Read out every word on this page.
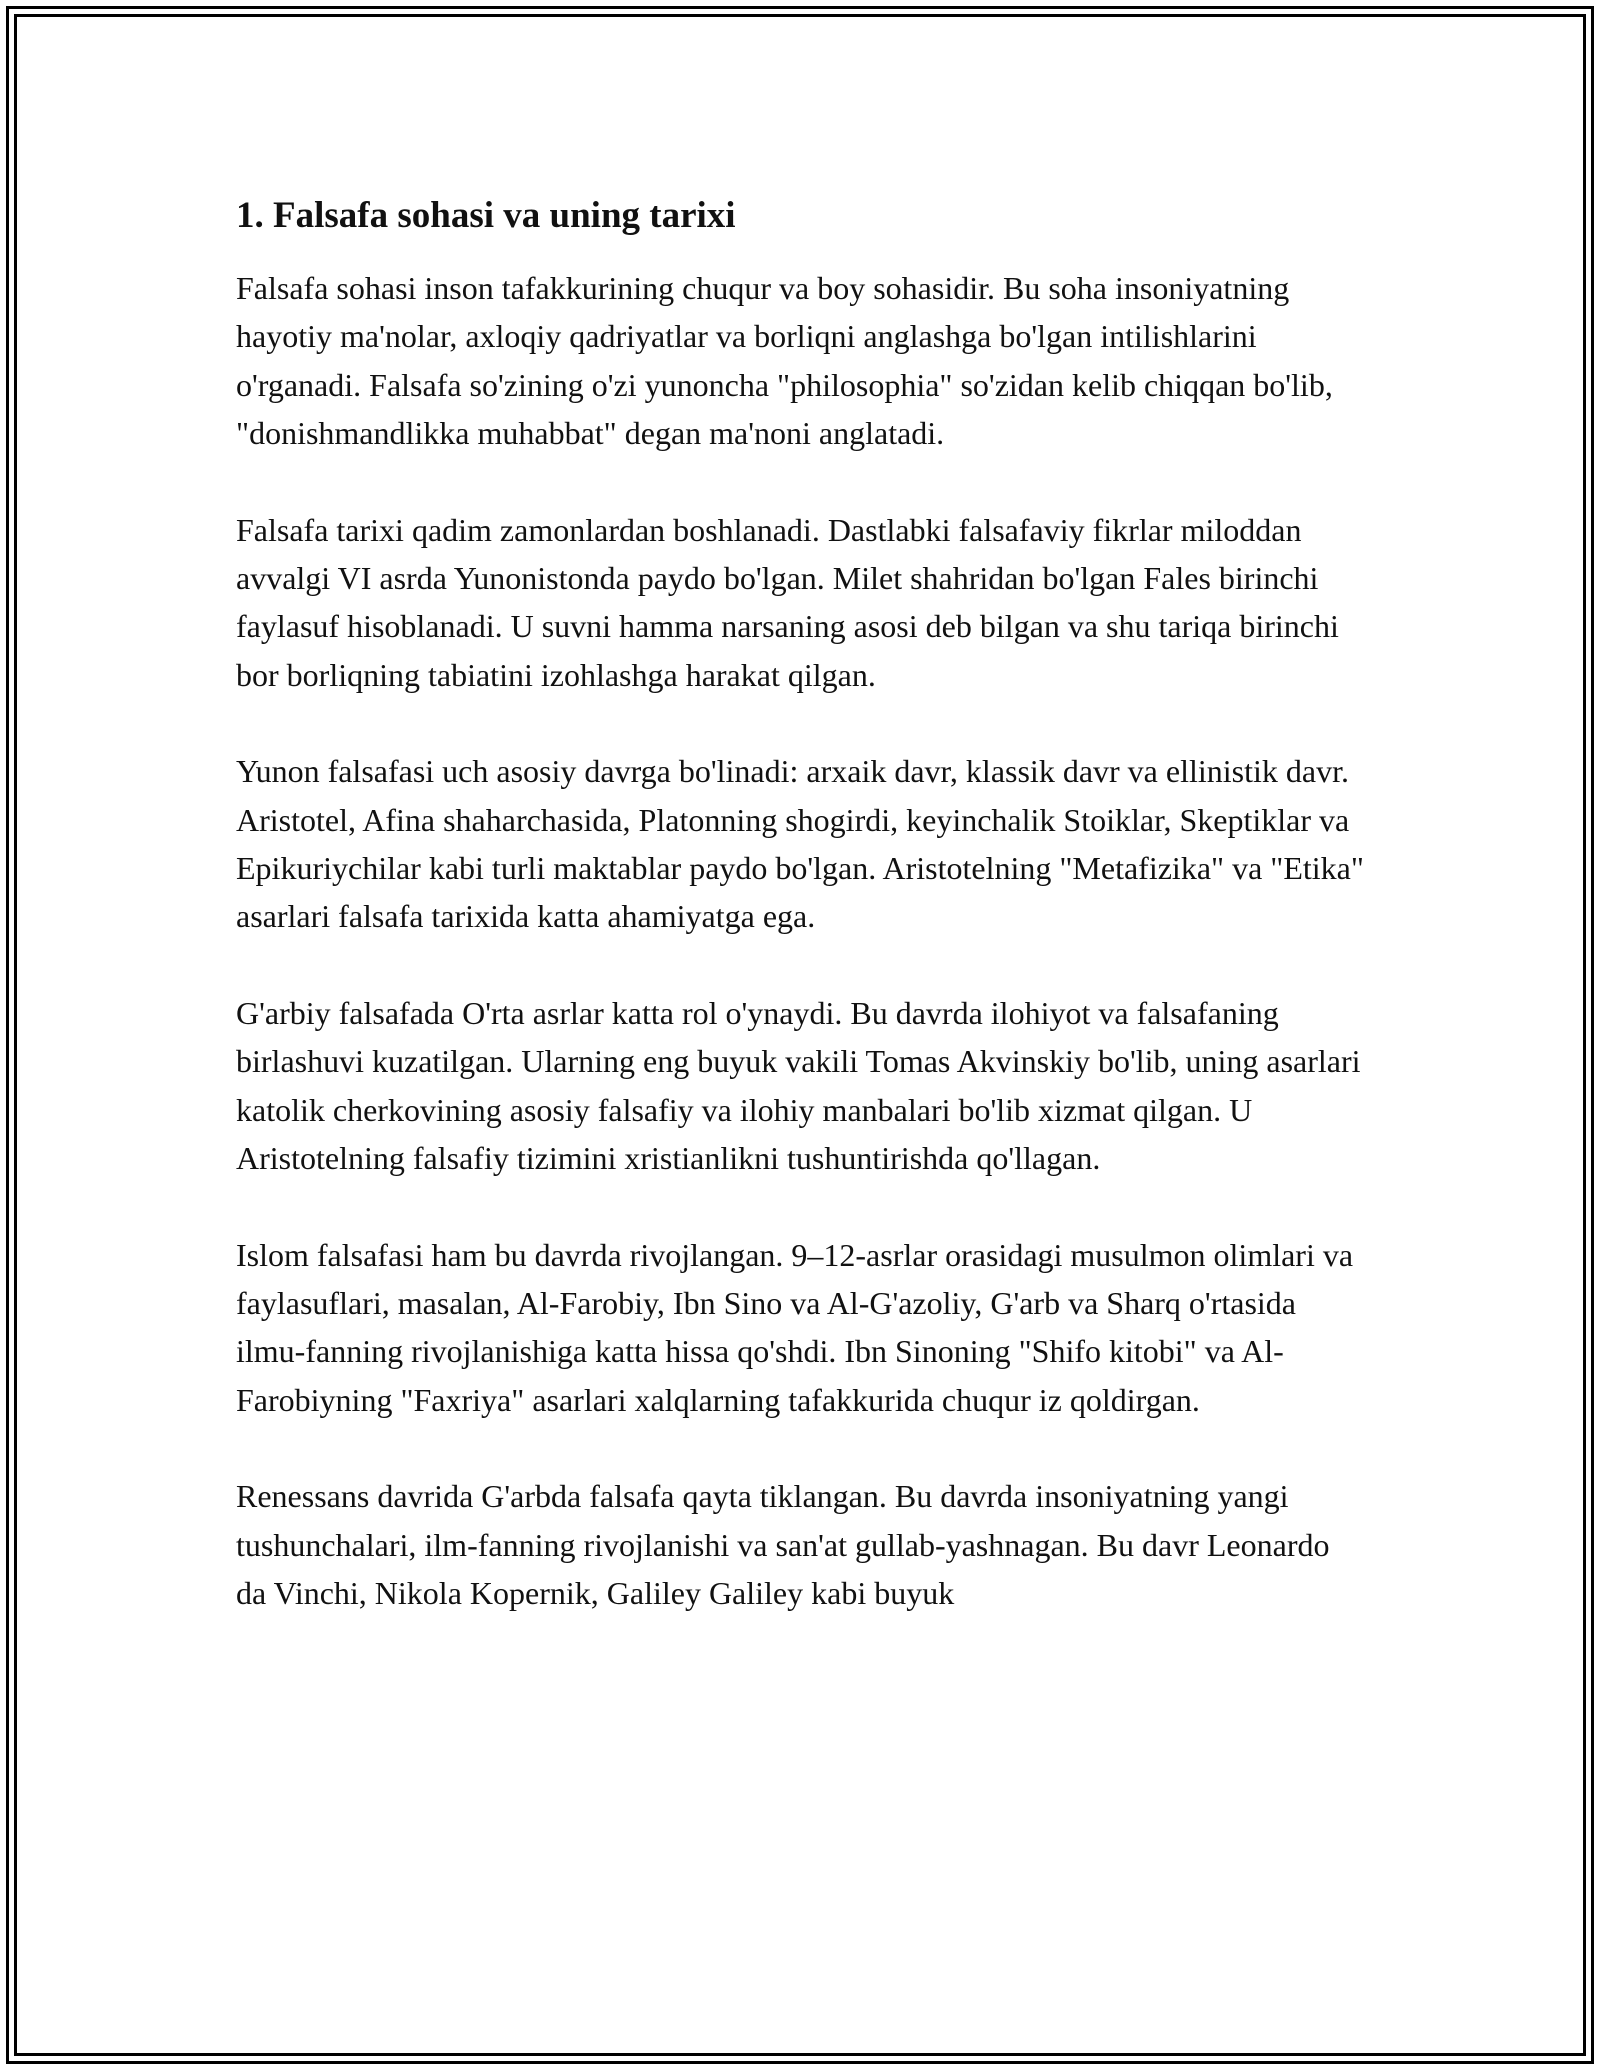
1. Falsafa sohasi va uning tarixi

Falsafa sohasi inson tafakkurining chuqur va boy sohasidir. Bu soha insoniyatning hayotiy ma'nolar, axloqiy qadriyatlar va borliqni anglashga bo'lgan intilishlarini o'rganadi. Falsafa so'zining o'zi yunoncha "philosophia" so'zidan kelib chiqqan bo'lib, "donishmandlikka muhabbat" degan ma'noni anglatadi.

Falsafa tarixi qadim zamonlardan boshlanadi. Dastlabki falsafaviy fikrlar miloddan avvalgi VI asrda Yunonistonda paydo bo'lgan. Milet shahridan bo'lgan Fales birinchi faylasuf hisoblanadi. U suvni hamma narsaning asosi deb bilgan va shu tariqa birinchi bor borliqning tabiatini izohlashga harakat qilgan.

Yunon falsafasi uch asosiy davrga bo'linadi: arxaik davr, klassik davr va ellinistik davr. Aristotel, Afina shaharchasida, Platonning shogirdi, keyinchalik Stoiklar, Skeptiklar va Epikuriychilar kabi turli maktablar paydo bo'lgan. Aristotelning "Metafizika" va "Etika" asarlari falsafa tarixida katta ahamiyatga ega.

G'arbiy falsafada O'rta asrlar katta rol o'ynaydi. Bu davrda ilohiyot va falsafaning birlashuvi kuzatilgan. Ularning eng buyuk vakili Tomas Akvinskiy bo'lib, uning asarlari katolik cherkovining asosiy falsafiy va ilohiy manbalari bo'lib xizmat qilgan. U Aristotelning falsafiy tizimini xristianlikni tushuntirishda qo'llagan.

Islom falsafasi ham bu davrda rivojlangan. 9–12-asrlar orasidagi musulmon olimlari va faylasuflari, masalan, Al-Farobiy, Ibn Sino va Al-G'azoliy, G'arb va Sharq o'rtasida ilmu-fanning rivojlanishiga katta hissa qo'shdi. Ibn Sinoning "Shifo kitobi" va Al-Farobiyning "Faxriya" asarlari xalqlarning tafakkurida chuqur iz qoldirgan.

Renessans davrida G'arbda falsafa qayta tiklangan. Bu davrda insoniyatning yangi tushunchalari, ilm-fanning rivojlanishi va san'at gullab-yashnagan. Bu davr Leonardo da Vinchi, Nikola Kopernik, Galiley Galiley kabi buyuk
